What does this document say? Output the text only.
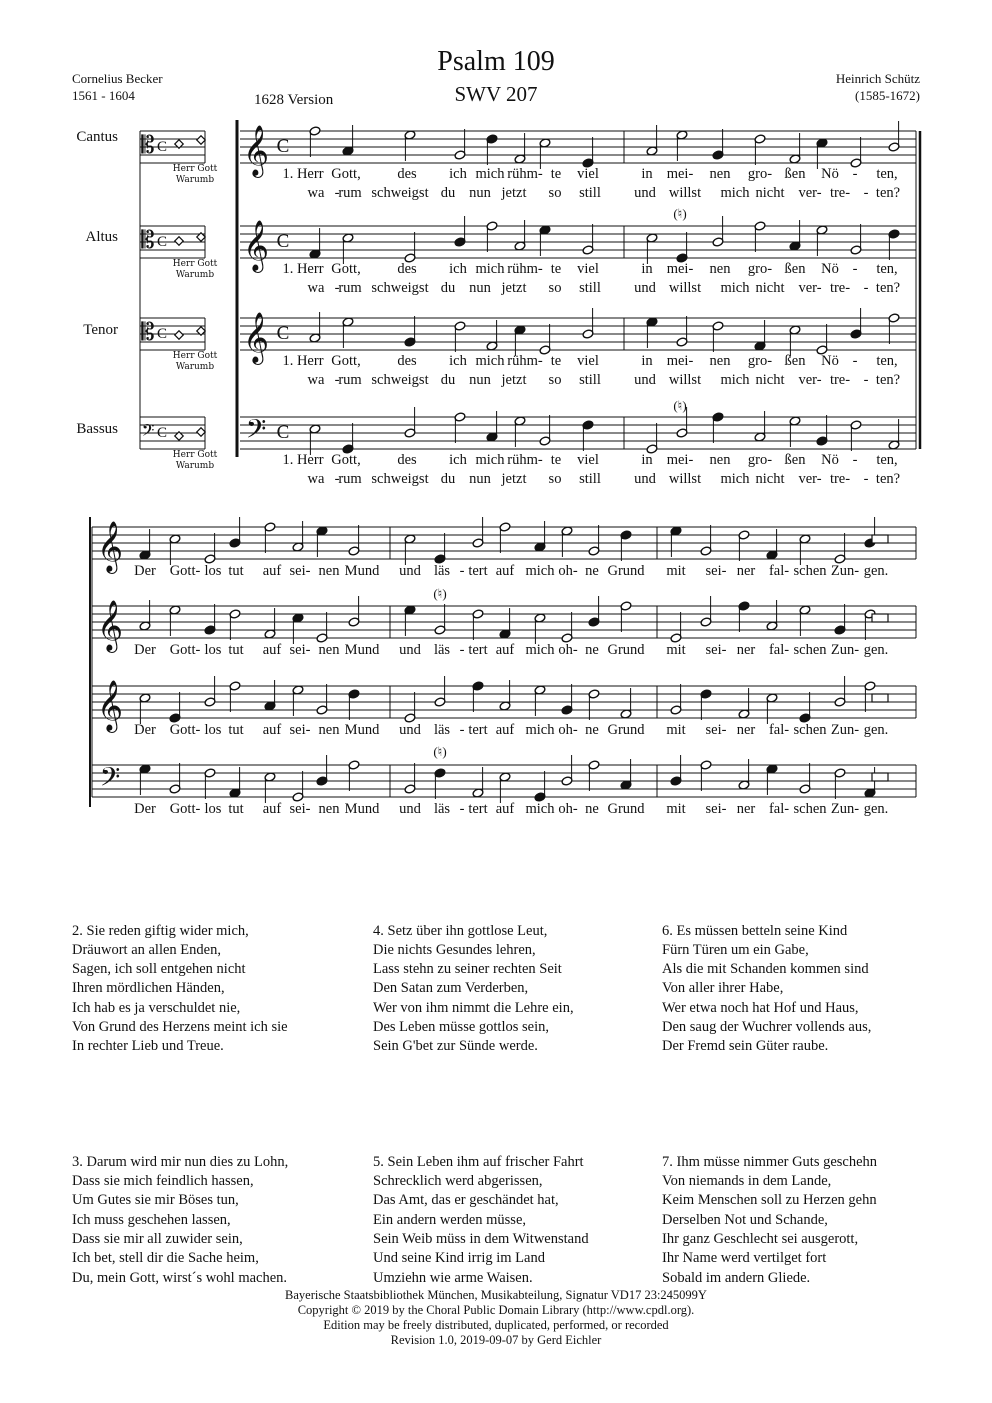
Psalm 109
SWV 207
1628 Version
Cornelius Becker
1561 - 1604
Heinrich Schütz
(1585-1672)
Cantus
Altus
Tenor
Bassus
𝄞 C
𝄡 C
𝄞 C
𝄡 C
𝄞 C
𝄡 C
𝄢 C
𝄢 C
𝄞
𝄞
𝄞
𝄢
Herr Gott
Warumb	1. Herr Gott,	des ich mich rühm- te viel
wa -
rum schweigst du nun jetzt so still
in mei- nen gro- ßen Nö - ten,
und willst mich nicht ver- tre- - ten?
Herr Gott
Warumb	1. Herr Gott,	des ich mich rühm- te viel
wa -
rum schweigst du nun jetzt so still
in mei- nen gro- ßen Nö - ten,
und willst mich nicht ver- tre- - ten?
Herr Gott
Warumb	1. Herr Gott,	des ich mich rühm- te viel
wa -
rum schweigst du nun jetzt so still
in mei- nen gro- ßen Nö - ten,
und willst mich nicht ver- tre- - ten?
Herr Gott
Warumb	1. Herr Gott,	des ich mich rühm- te viel
wa -
rum schweigst du nun jetzt so still
in mei- nen gro- ßen Nö - ten,
und willst mich nicht ver- tre- - ten?
(♮)
(♮)
Der Gott- los tut auf sei- nen Mund und läs - tert auf mich oh- ne Grund mit sei- ner fal- schen Zun- gen.
Der Gott- los tut auf sei- nen Mund und läs - tert auf mich oh- ne Grund mit sei- ner fal- schen Zun- gen.
Der Gott- los tut auf sei- nen Mund und läs - tert auf mich oh- ne Grund mit sei- ner fal- schen Zun- gen.
Der Gott- los tut auf sei- nen Mund und läs - tert auf mich oh- ne Grund mit sei- ner fal- schen Zun- gen.
(♮)
(♮)

2. Sie reden giftig wider mich,
Dräuwort an allen Enden,
Sagen, ich soll entgehen nicht
Ihren mördlichen Händen,
Ich hab es ja verschuldet nie,
Von Grund des Herzens meint ich sie
In rechter Lieb und Treue.

3. Darum wird mir nun dies zu Lohn,
Dass sie mich feindlich hassen,
Um Gutes sie mir Böses tun,
Ich muss geschehen lassen,
Dass sie mir all zuwider sein,
Ich bet, stell dir die Sache heim,
Du, mein Gott, wirst´s wohl machen.

4. Setz über ihn gottlose Leut,
Die nichts Gesundes lehren,
Lass stehn zu seiner rechten Seit
Den Satan zum Verderben,
Wer von ihm nimmt die Lehre ein,
Des Leben müsse gottlos sein,
Sein G'bet zur Sünde werde.

5. Sein Leben ihm auf frischer Fahrt
Schrecklich werd abgerissen,
Das Amt, das er geschändet hat,
Ein andern werden müsse,
Sein Weib müss in dem Witwenstand
Und seine Kind irrig im Land
Umziehn wie arme Waisen.

6. Es müssen betteln seine Kind
Fürn Türen um ein Gabe,
Als die mit Schanden kommen sind
Von aller ihrer Habe,
Wer etwa noch hat Hof und Haus,
Den saug der Wuchrer vollends aus,
Der Fremd sein Güter raube.

7. Ihm müsse nimmer Guts geschehn
Von niemands in dem Lande,
Keim Menschen soll zu Herzen gehn
Derselben Not und Schande,
Ihr ganz Geschlecht sei ausgerott,
Ihr Name werd vertilget fort
Sobald im andern Gliede.

Bayerische Staatsbibliothek München, Musikabteilung, Signatur VD17 23:245099Y
Copyright © 2019 by the Choral Public Domain Library (http://www.cpdl.org).
Edition may be freely distributed, duplicated, performed, or recorded
Revision 1.0, 2019-09-07 by Gerd Eichler
